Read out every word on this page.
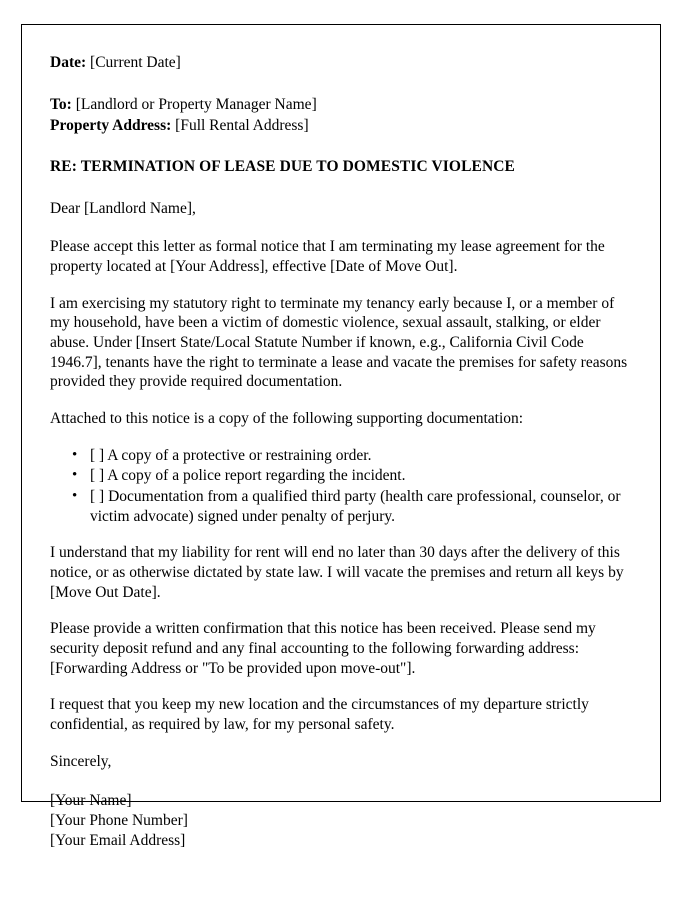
Date: [Current Date]

To: [Landlord or Property Manager Name]

Property Address: [Full Rental Address]

RE: TERMINATION OF LEASE DUE TO DOMESTIC VIOLENCE

Dear [Landlord Name],

Please accept this letter as formal notice that I am terminating my lease agreement for the property located at [Your Address], effective [Date of Move Out].

I am exercising my statutory right to terminate my tenancy early because I, or a member of my household, have been a victim of domestic violence, sexual assault, stalking, or elder abuse. Under [Insert State/Local Statute Number if known, e.g., California Civil Code 1946.7], tenants have the right to terminate a lease and vacate the premises for safety reasons provided they provide required documentation.

Attached to this notice is a copy of the following supporting documentation:

• [ ] A copy of a protective or restraining order.
• [ ] A copy of a police report regarding the incident.
• [ ] Documentation from a qualified third party (health care professional, counselor, or victim advocate) signed under penalty of perjury.

I understand that my liability for rent will end no later than 30 days after the delivery of this notice, or as otherwise dictated by state law. I will vacate the premises and return all keys by [Move Out Date].

Please provide a written confirmation that this notice has been received. Please send my security deposit refund and any final accounting to the following forwarding address: [Forwarding Address or "To be provided upon move-out"].

I request that you keep my new location and the circumstances of my departure strictly confidential, as required by law, for my personal safety.

Sincerely,

[Your Name]

[Your Phone Number]

[Your Email Address]
